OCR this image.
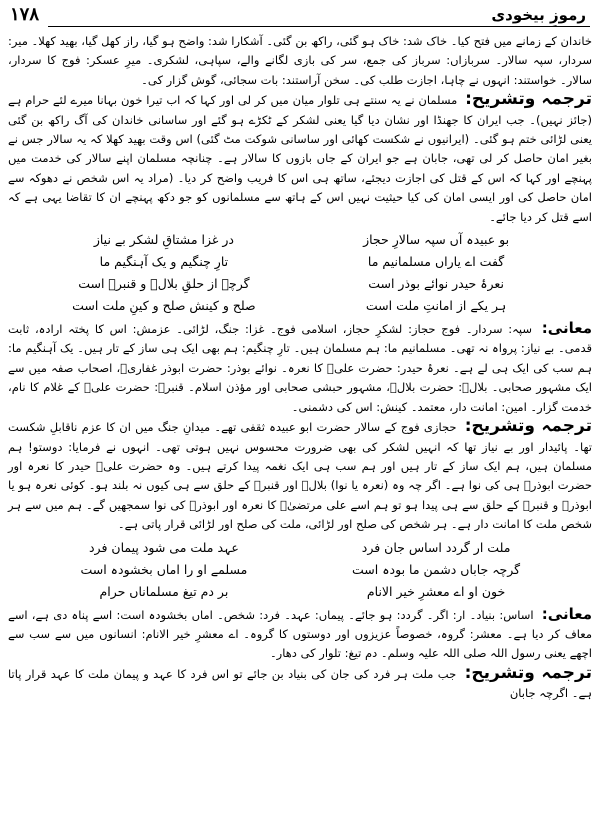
رموزِ بیخودی
۱۷۸

خاندان کے زمانے میں فتح کیا۔ خاک شد: خاک ہو گئی، راکھ بن گئی۔ آشکارا شد: واضح ہو گیا، راز کھل گیا، بھید کھلا۔ میر: سردار، سپہ سالار۔ سربازاں: سرباز کی جمع، سر کی بازی لگانے والے، سپاہی، لشکری۔ میرِ عسکر: فوج کا سردار، سالار۔ خواستند: انہوں نے چاہا، اجازت طلب کی۔ سخن آراستند: بات سجائی، گوش گزار کی۔

ترجمہ وتشریح: مسلمان نے یہ سنتے ہی تلوار میان میں کر لی اور کہا کہ اب تیرا خون بہانا میرے لئے حرام ہے (جائز نہیں)۔ جب ایران کا جھنڈا اور نشان دیا گیا یعنی لشکر کے ٹکڑے ہو گئے اور ساسانی خاندان کی آگ راکھ بن گئی یعنی لڑائی ختم ہو گئی۔ (ایرانیوں نے شکست کھائی اور ساسانی شوکت مٹ گئی) اس وقت بھید کھلا کہ یہ سالار جس نے بغیر امان حاصل کر لی تھی، جابان ہے جو ایران کے جاں بازوں کا سالار ہے۔ چنانچہ مسلمان اپنے سالار کی خدمت میں پہنچے اور کہا کہ اس کے قتل کی اجازت دیجئے، ساتھ ہی اس کا فریب واضح کر دیا۔ (مراد یہ اس شخص نے دھوکہ سے امان حاصل کی اور ایسی امان کی کیا حیثیت نہیں اس کے ہاتھ سے مسلمانوں کو جو دکھ پہنچے ان کا تقاضا یہی ہے کہ اسے قتل کر دیا جائے۔

بو عبیدہ آں سپہ سالارِ حجاز
در غزا مشتاقِ لشکر بے نیاز
گفت اے یاراں مسلمانیم ما
تارِ چنگیم و یک آہنگیم ما
نعرۂ حیدر نوائے بوذر است
گرچہ از حلقِ بلالؓ و قنبرؓ است
ہر یکے از امانتِ ملت است
صلح و کینش صلح و کینِ ملت است

معانی: سپہ: سردار۔ فوج حجاز: لشکرِ حجاز، اسلامی فوج۔ غزا: جنگ، لڑائی۔ عزمش: اس کا پختہ ارادہ، ثابت قدمی۔ بے نیاز: پرواہ نہ تھی۔ مسلمانیم ما: ہم مسلمان ہیں۔ تارِ چنگیم: ہم بھی ایک ہی ساز کے تار ہیں۔ یک آہنگیم ما: ہم سب کی ایک ہی لے ہے۔ نعرۂ حیدر: حضرت علیؓ کا نعرہ۔ نوائے بوذر: حضرت ابوذر غفاریؓ، اصحاب صفہ میں سے ایک مشہور صحابی۔ بلالؓ: حضرت بلالؓ، مشہور حبشی صحابی اور مؤذن اسلام۔ قنبرؓ: حضرت علیؓ کے غلام کا نام، خدمت گزار۔ امین: امانت دار، معتمد۔ کینش: اس کی دشمنی۔

ترجمہ وتشریح: حجازی فوج کے سالار حضرت ابو عبیدہ ثقفی تھے۔ میدانِ جنگ میں ان کا عزم ناقابلِ شکست تھا۔ پائیدار اور بے نیاز تھا کہ انہیں لشکر کی بھی ضرورت محسوس نہیں ہوتی تھی۔ انہوں نے فرمایا: دوستو! ہم مسلمان ہیں، ہم ایک ساز کے تار ہیں اور ہم سب ہی ایک نغمہ پیدا کرتے ہیں۔ وہ حضرت علیؓ حیدر کا نعرہ اور حضرت ابوذرؓ ہی کی نوا ہے۔ اگر چہ وہ (نعرہ یا نوا) بلالؓ اور قنبرؓ کے حلق سے ہی کیوں نہ بلند ہو۔ کوئی نعرہ ہو یا ابوذرؓ و قنبرؓ کے حلق سے ہی پیدا ہو تو ہم اسے علی مرتضیٰؓ کا نعرہ اور ابوذرؓ کی نوا سمجھیں گے۔ ہم میں سے ہر شخص ملت کا امانت دار ہے۔ ہر شخص کی صلح اور لڑائی، ملت کی صلح اور لڑائی قرار پاتی ہے۔

ملت ار گردد اساس جان فرد
عہد ملت می شود پیمان فرد
گرچہ جاباں دشمن ما بودہ است
مسلمے او را اماں بخشودہ است
خون او اے معشرِ خیر الانام
بر دم تیغ مسلماناں حرام

معانی: اساس: بنیاد۔ ار: اگر۔ گردد: ہو جائے۔ پیماں: عہد۔ فرد: شخص۔ اماں بخشودہ است: اسے پناہ دی ہے، اسے معاف کر دیا ہے۔ معشر: گروہ، خصوصاً عزیزوں اور دوستوں کا گروہ۔ اے معشرِ خیر الانام: انسانوں میں سے سب سے اچھے یعنی رسول اللہ صلی اللہ علیہ وسلم۔ دم تیغ: تلوار کی دھار۔

ترجمہ وتشریح: جب ملت ہر فرد کی جان کی بنیاد بن جائے تو اس فرد کا عہد و پیمان ملت کا عہد قرار پاتا ہے۔ اگرچہ جابان
